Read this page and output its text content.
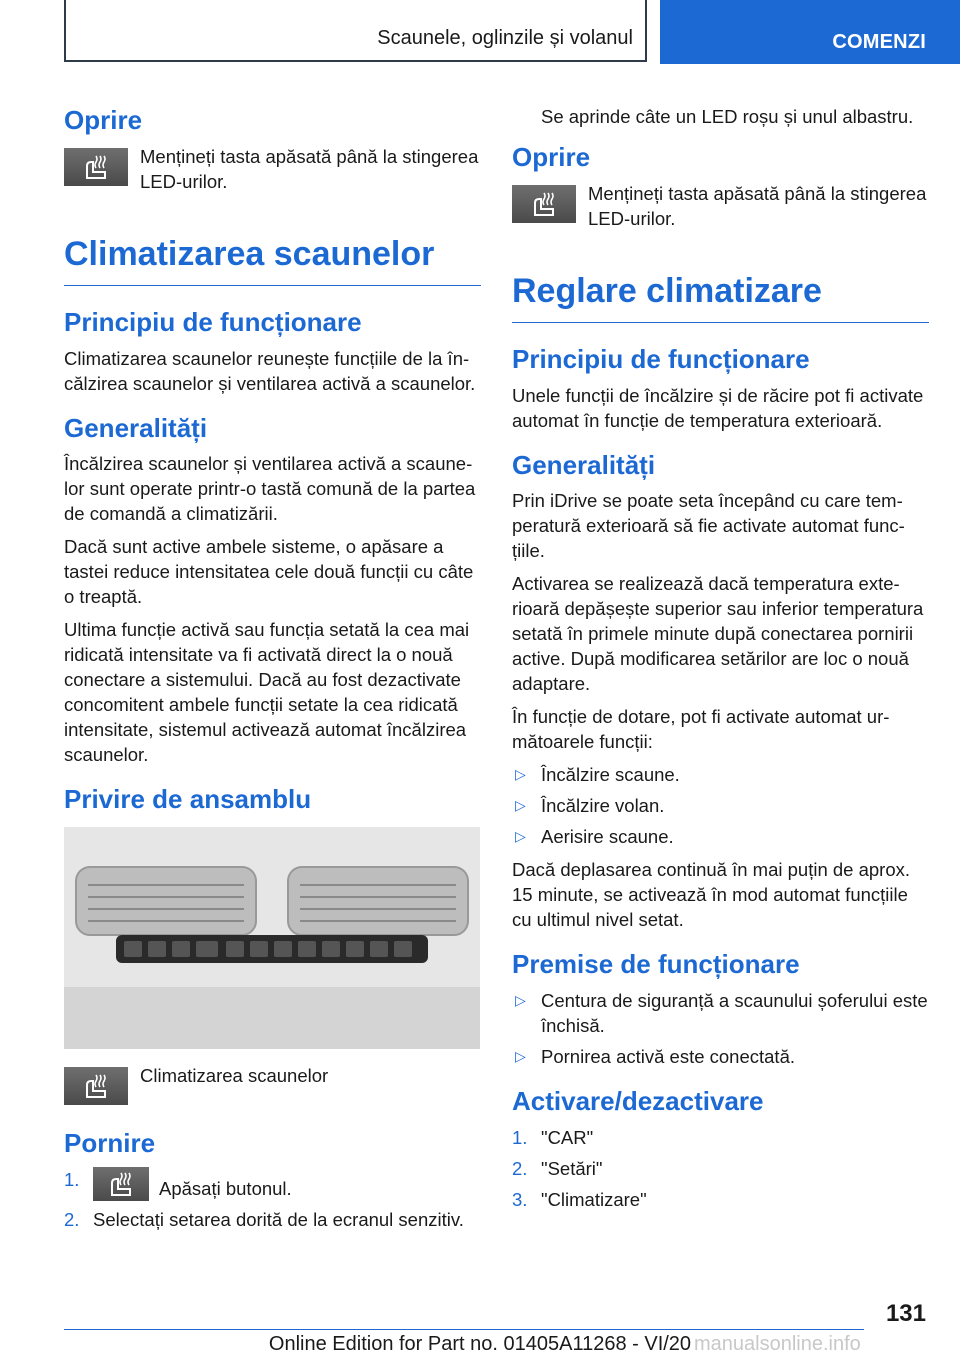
Scaunele, oglinzile și volanul	COMENZI
Oprire

Mențineți tasta apăsată până la stingerea LED-urilor.

Climatizarea scaunelor
Principiu de funcționare

Climatizarea scaunelor reunește funcțiile de la încălzirea scaunelor și ventilarea activă a scaunelor.

Generalități

Încălzirea scaunelor și ventilarea activă a scaunelor sunt operate printr-o tastă comună de la partea de comandă a climatizării.

Dacă sunt active ambele sisteme, o apăsare a tastei reduce intensitatea cele două funcții cu câte o treaptă.

Ultima funcție activă sau funcția setată la cea mai ridicată intensitate va fi activată direct la o nouă conectare a sistemului. Dacă au fost dezactivate concomitent ambele funcții setate la cea ridicată intensitate, sistemul activează automat încălzirea scaunelor.

Privire de ansamblu

Climatizarea scaunelor

Pornire
1.	Apăsați butonul.
2. Selectați setarea dorită de la ecranul senzitiv.

Se aprinde câte un LED roșu și unul albastru.

Oprire

Mențineți tasta apăsată până la stingerea LED-urilor.

Reglare climatizare
Principiu de funcționare

Unele funcții de încălzire și de răcire pot fi activate automat în funcție de temperatura exterioară.

Generalități

Prin iDrive se poate seta începând cu care temperatură exterioară să fie activate automat funcțiile.

Activarea se realizează dacă temperatura exterioară depășește superior sau inferior temperatura setată în primele minute după conectarea pornirii active. După modificarea setărilor are loc o nouă adaptare.

În funcție de dotare, pot fi activate automat următoarele funcții:

▷ Încălzire scaune.
▷ Încălzire volan.
▷ Aerisire scaune.

Dacă deplasarea continuă în mai puțin de aprox. 15 minute, se activează în mod automat funcțiile cu ultimul nivel setat.

Premise de funcționare
▷ Centura de siguranță a scaunului șoferului este închisă.
▷ Pornirea activă este conectată.
Activare/dezactivare
1. "CAR"
2. "Setări"
3. "Climatizare"
131
Online Edition for Part no. 01405A11268 - VI/20 manualsonline.info
